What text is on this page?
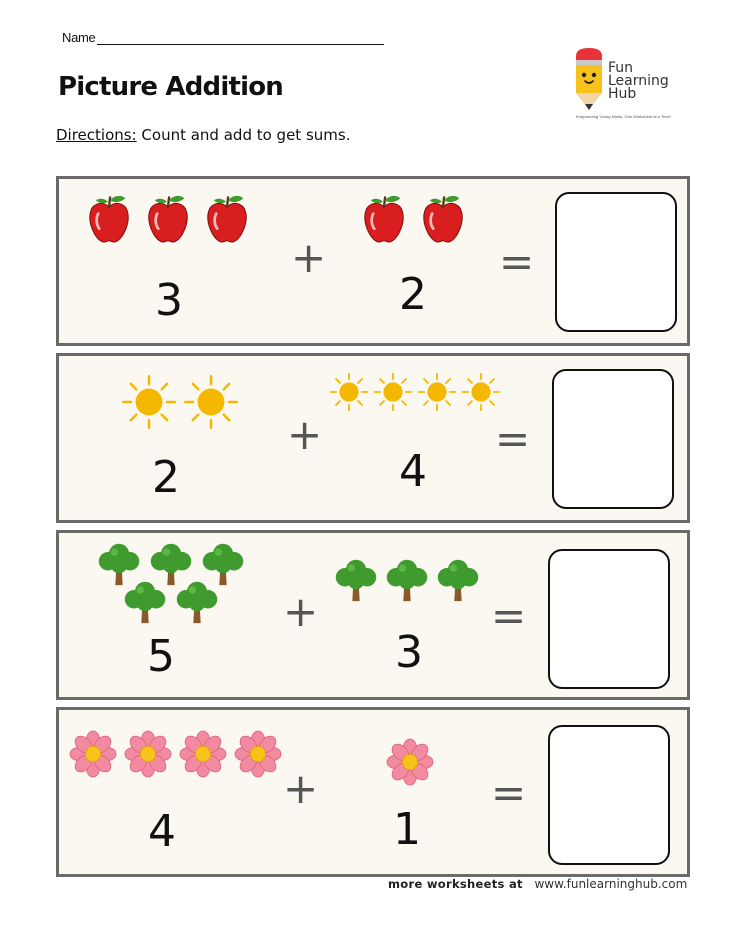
Name
Picture Addition
Directions: Count and add to get sums.
Fun
Learning
Hub
Empowering Young Minds, One Worksheet at a Time!
3
+
2
=
2
+
4
=
5
+
3
=
4
+
1
=
more worksheets at www.funlearninghub.com
